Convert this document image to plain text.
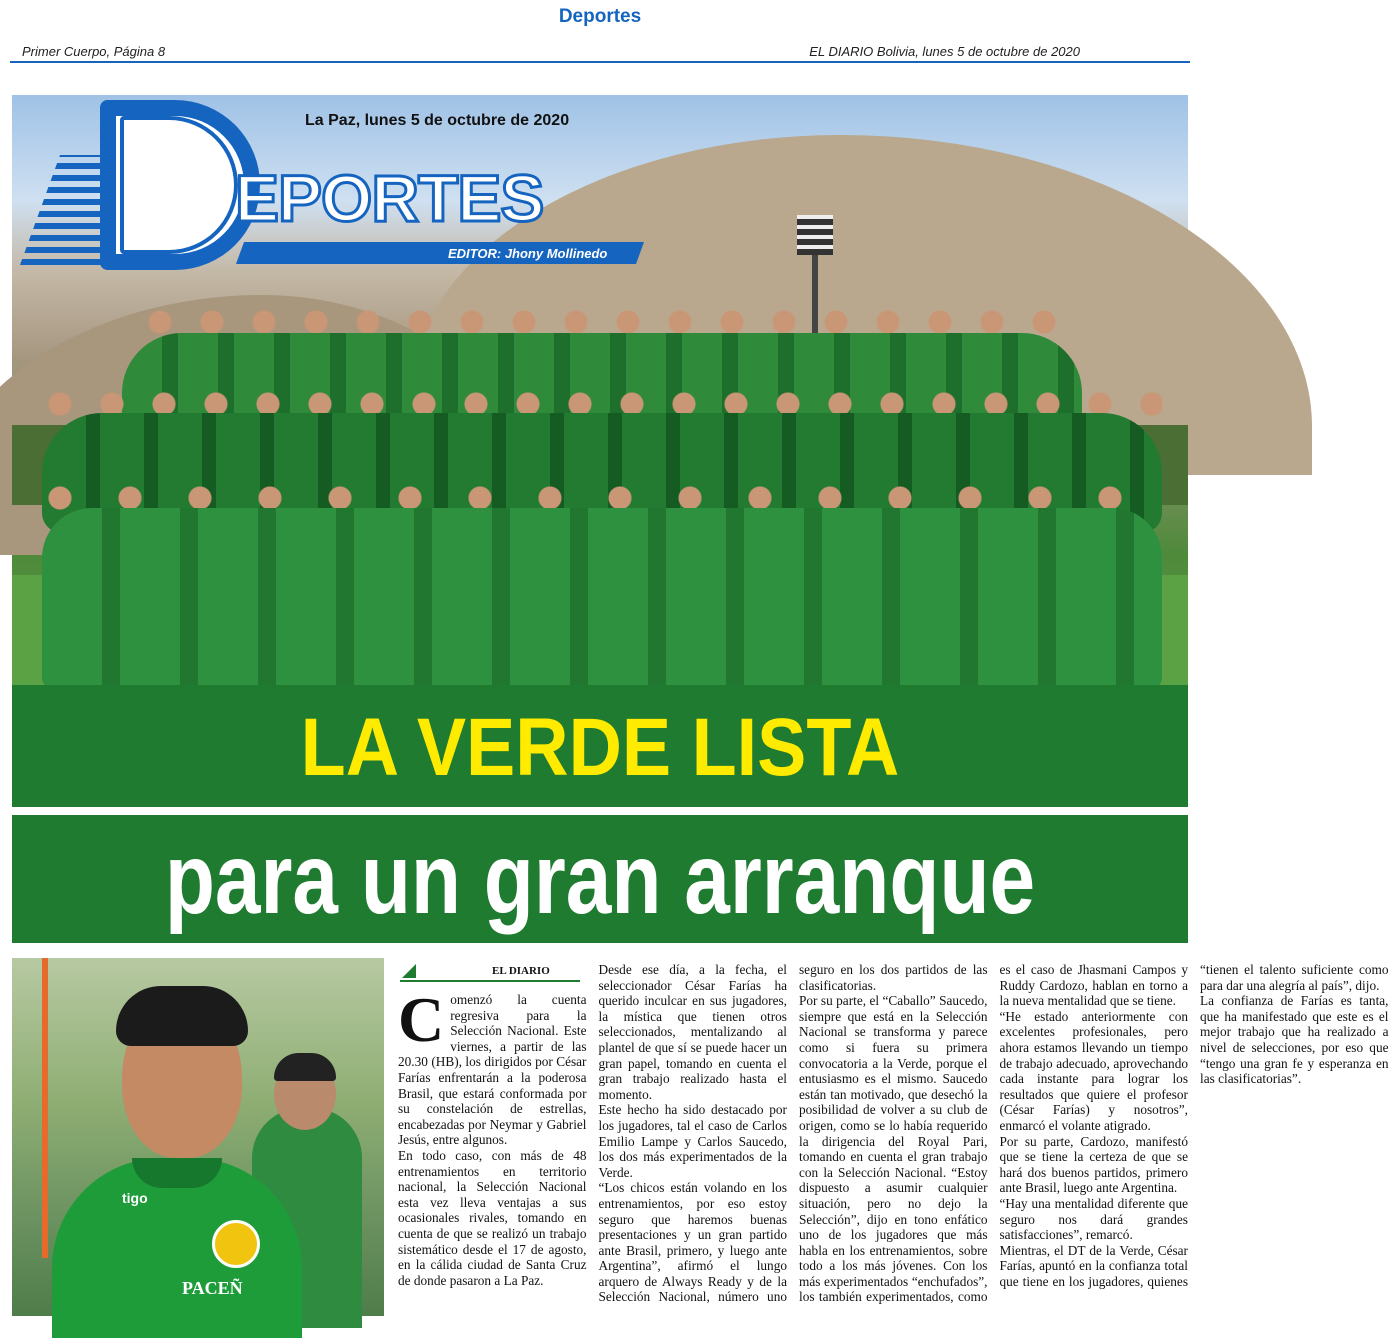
Deportes
Primer Cuerpo, Página 8	EL DIARIO Bolivia, lunes 5 de octubre de 2020
EPORTES
La Paz, lunes 5 de octubre de 2020
EDITOR: Jhony Mollinedo
LA VERDE LISTA
para un gran arranque
tigo
PACEÑ
EL DIARIO

Comenzó la cuenta regresiva para la Selección Nacional. Este viernes, a partir de las 20.30 (HB), los dirigidos por César Farías enfrentarán a la poderosa Brasil, que estará conformada por su constelación de estrellas, encabezadas por Neymar y Gabriel Jesús, entre algunos.

En todo caso, con más de 48 entrenamientos en territorio nacional, la Selección Nacional esta vez lleva ventajas a sus ocasionales rivales, tomando en cuenta de que se realizó un trabajo sistemático desde el 17 de agosto, en la cálida ciudad de Santa Cruz de donde pasaron a La Paz.

Desde ese día, a la fecha, el seleccionador César Farías ha querido inculcar en sus jugadores, la mística que tienen otros seleccionados, mentalizando al plantel de que sí se puede hacer un gran papel, tomando en cuenta el gran trabajo realizado hasta el momento.

Este hecho ha sido destacado por los jugadores, tal el caso de Carlos Emilio Lampe y Carlos Saucedo, los dos más experimentados de la Verde.

“Los chicos están volando en los entrenamientos, por eso estoy seguro que haremos buenas presentaciones y un gran partido ante Brasil, primero, y luego ante Argentina”, afirmó el lungo arquero de Always Ready y de la Selección Nacional, número uno seguro en los dos partidos de las clasificatorias.

Por su parte, el “Caballo” Saucedo, siempre que está en la Selección Nacional se transforma y parece como si fuera su primera convocatoria a la Verde, porque el entusiasmo es el mismo. Saucedo están tan motivado, que desechó la posibilidad de volver a su club de origen, como se lo había requerido la dirigencia del Royal Pari, tomando en cuenta el gran trabajo con la Selección Nacional. “Estoy dispuesto a asumir cualquier situación, pero no dejo la Selección”, dijo en tono enfático uno de los jugadores que más habla en los entrenamientos, sobre todo a los más jóvenes. Con los más experimentados “enchufados”, los también experimentados, como es el caso de Jhasmani Campos y Ruddy Cardozo, hablan en torno a la nueva mentalidad que se tiene.

“He estado anteriormente con excelentes profesionales, pero ahora estamos llevando un tiempo de trabajo adecuado, aprovechando cada instante para lograr los resultados que quiere el profesor (César Farías) y nosotros”, enmarcó el volante atigrado.

Por su parte, Cardozo, manifestó que se tiene la certeza de que se hará dos buenos partidos, primero ante Brasil, luego ante Argentina.

“Hay una mentalidad diferente que seguro nos dará grandes satisfacciones”, remarcó.

Mientras, el DT de la Verde, César Farías, apuntó en la confianza total que tiene en los jugadores, quienes “tienen el talento suficiente como para dar una alegría al país”, dijo.

La confianza de Farías es tanta, que ha manifestado que este es el mejor trabajo que ha realizado a nivel de selecciones, por eso que “tengo una gran fe y esperanza en las clasificatorias”.
